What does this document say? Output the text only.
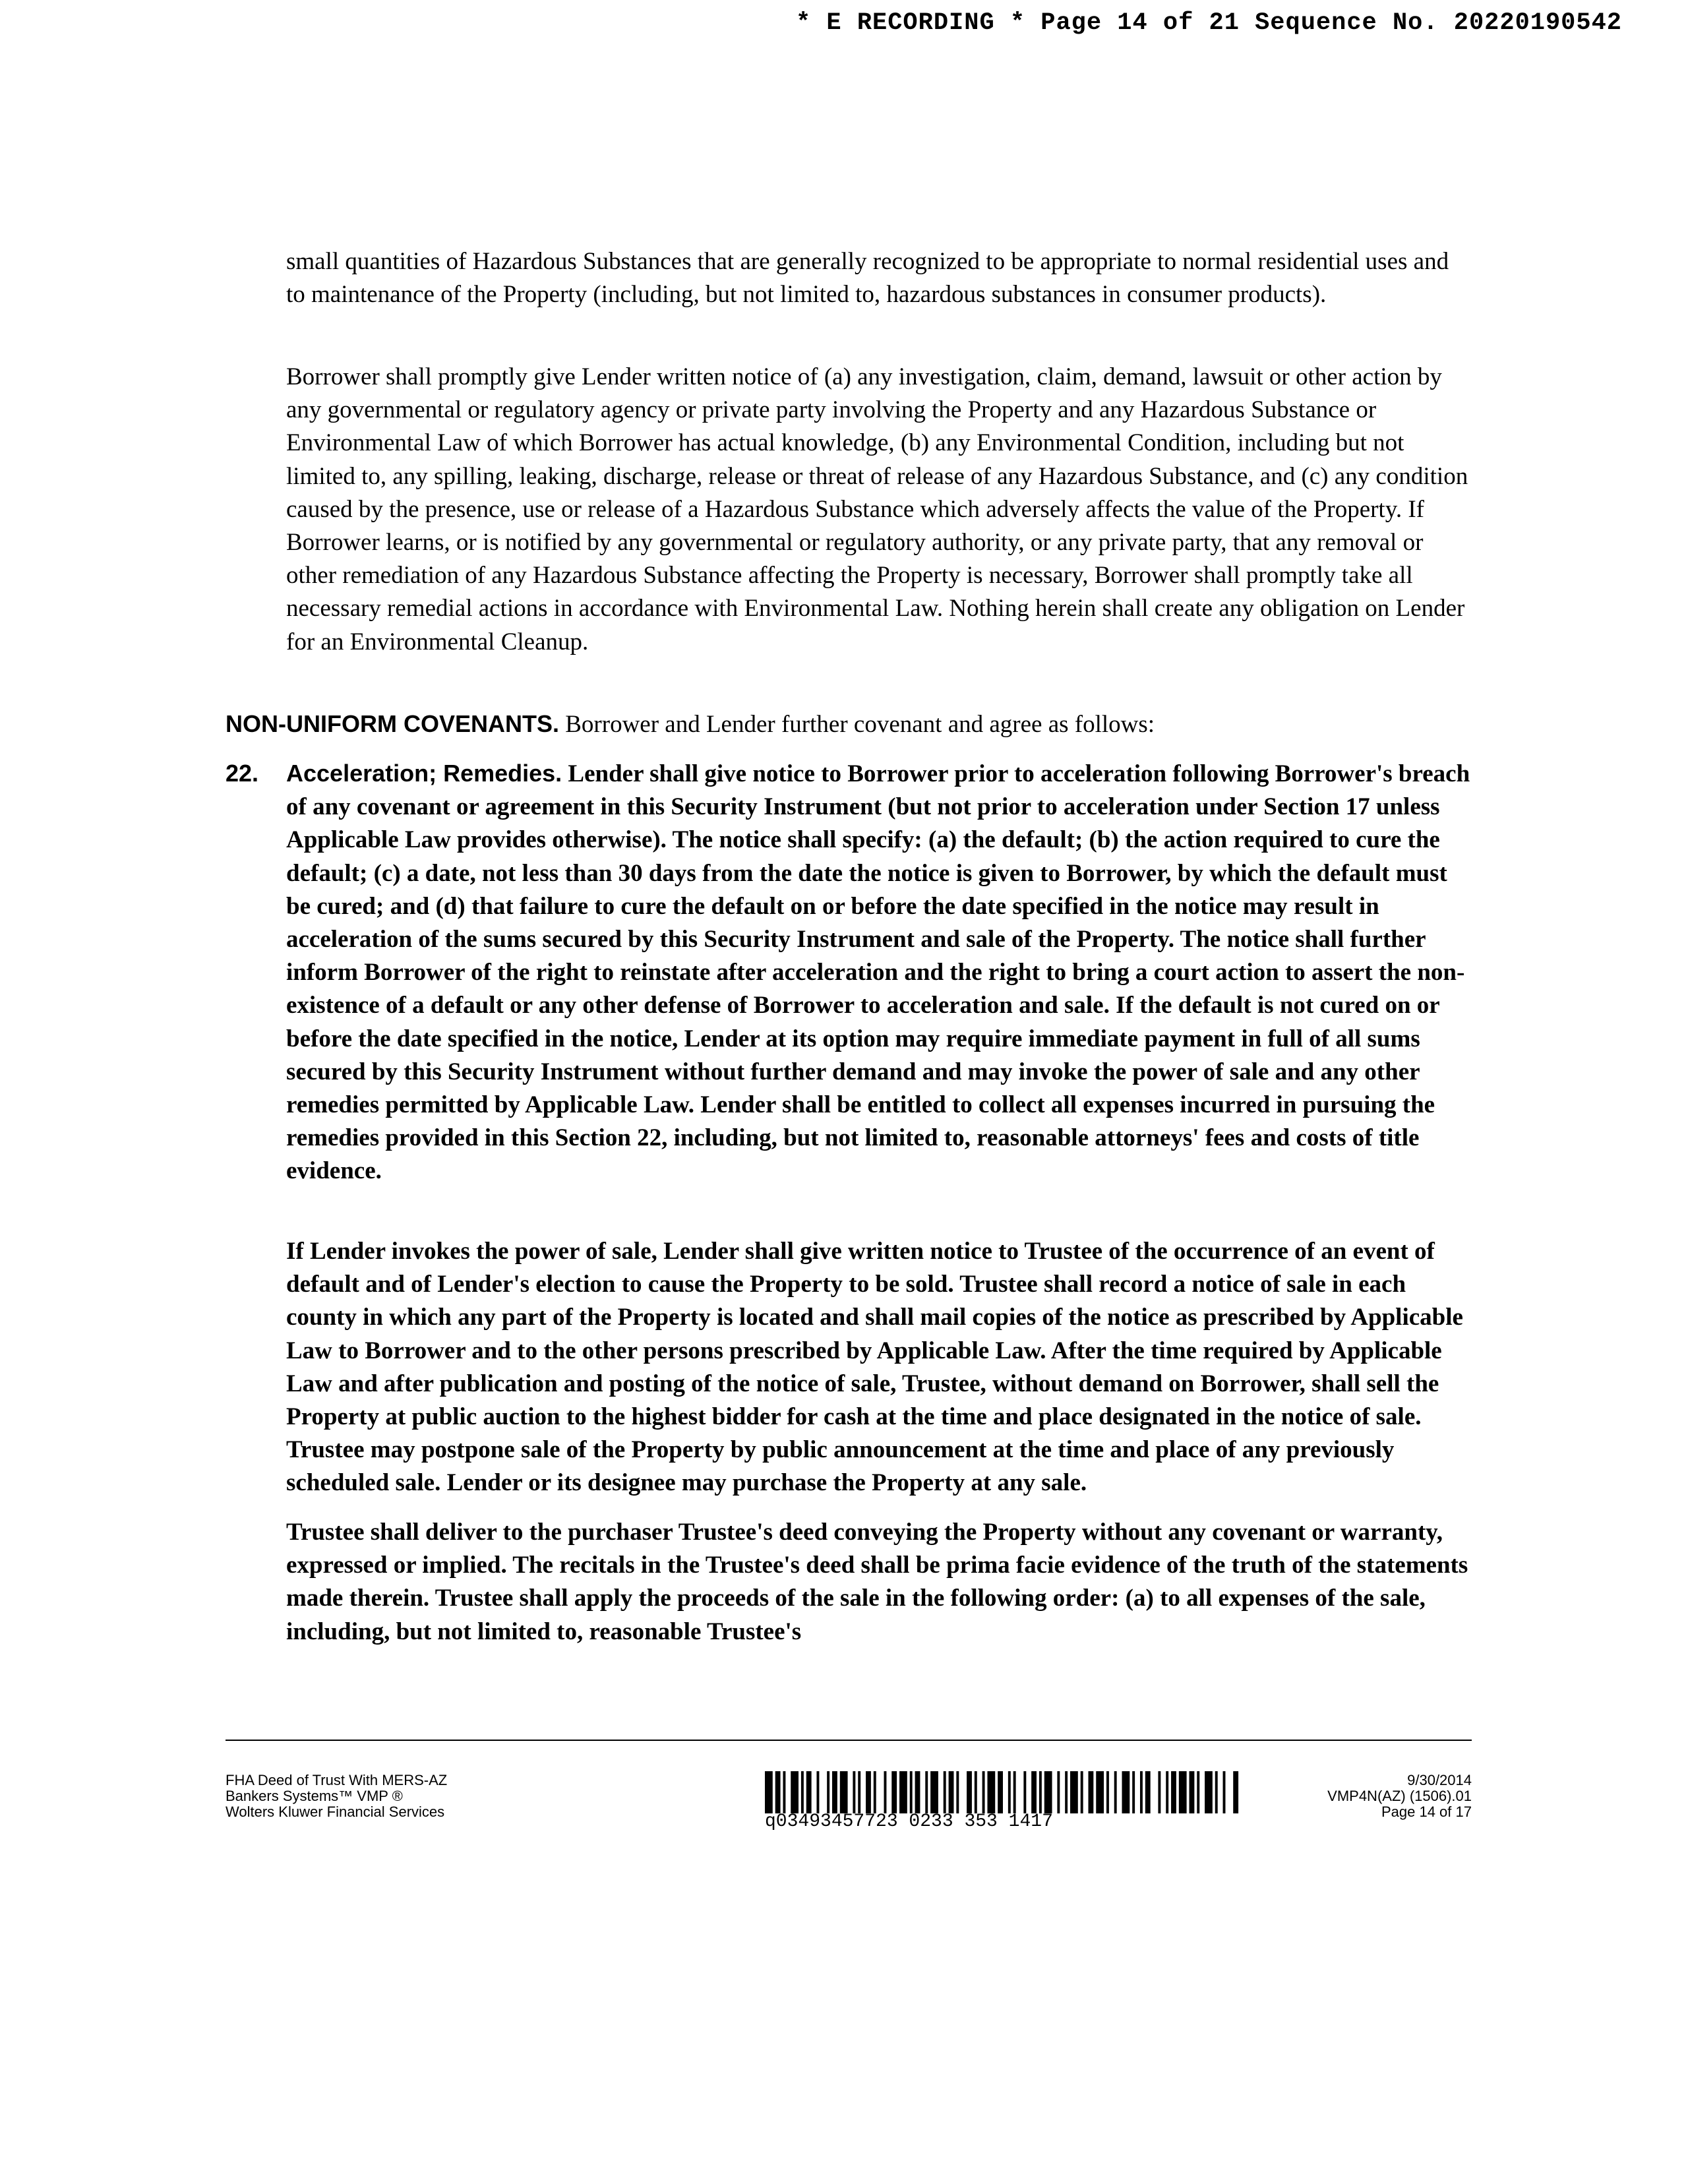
* E RECORDING * Page 14 of 21 Sequence No. 20220190542

small quantities of Hazardous Substances that are generally recognized to be appropriate to normal residential uses and to maintenance of the Property (including, but not limited to, hazardous substances in consumer products).

Borrower shall promptly give Lender written notice of (a) any investigation, claim, demand, lawsuit or other action by any governmental or regulatory agency or private party involving the Property and any Hazardous Substance or Environmental Law of which Borrower has actual knowledge, (b) any Environmental Condition, including but not limited to, any spilling, leaking, discharge, release or threat of release of any Hazardous Substance, and (c) any condition caused by the presence, use or release of a Hazardous Substance which adversely affects the value of the Property. If Borrower learns, or is notified by any governmental or regulatory authority, or any private party, that any removal or other remediation of any Hazardous Substance affecting the Property is necessary, Borrower shall promptly take all necessary remedial actions in accordance with Environmental Law. Nothing herein shall create any obligation on Lender for an Environmental Cleanup.

NON-UNIFORM COVENANTS. Borrower and Lender further covenant and agree as follows:
22. Acceleration; Remedies. Lender shall give notice to Borrower prior to acceleration following Borrower's breach of any covenant or agreement in this Security Instrument (but not prior to acceleration under Section 17 unless Applicable Law provides otherwise). The notice shall specify: (a) the default; (b) the action required to cure the default; (c) a date, not less than 30 days from the date the notice is given to Borrower, by which the default must be cured; and (d) that failure to cure the default on or before the date specified in the notice may result in acceleration of the sums secured by this Security Instrument and sale of the Property. The notice shall further inform Borrower of the right to reinstate after acceleration and the right to bring a court action to assert the non-existence of a default or any other defense of Borrower to acceleration and sale. If the default is not cured on or before the date specified in the notice, Lender at its option may require immediate payment in full of all sums secured by this Security Instrument without further demand and may invoke the power of sale and any other remedies permitted by Applicable Law. Lender shall be entitled to collect all expenses incurred in pursuing the remedies provided in this Section 22, including, but not limited to, reasonable attorneys' fees and costs of title evidence.

If Lender invokes the power of sale, Lender shall give written notice to Trustee of the occurrence of an event of default and of Lender's election to cause the Property to be sold. Trustee shall record a notice of sale in each county in which any part of the Property is located and shall mail copies of the notice as prescribed by Applicable Law to Borrower and to the other persons prescribed by Applicable Law. After the time required by Applicable Law and after publication and posting of the notice of sale, Trustee, without demand on Borrower, shall sell the Property at public auction to the highest bidder for cash at the time and place designated in the notice of sale. Trustee may postpone sale of the Property by public announcement at the time and place of any previously scheduled sale. Lender or its designee may purchase the Property at any sale.

Trustee shall deliver to the purchaser Trustee's deed conveying the Property without any covenant or warranty, expressed or implied. The recitals in the Trustee's deed shall be prima facie evidence of the truth of the statements made therein. Trustee shall apply the proceeds of the sale in the following order: (a) to all expenses of the sale, including, but not limited to, reasonable Trustee's

FHA Deed of Trust With MERS-AZ
Bankers Systems™ VMP ®
Wolters Kluwer Financial Services	q03493457723 0233 353 1417
9/30/2014
VMP4N(AZ) (1506).01
Page 14 of 17
